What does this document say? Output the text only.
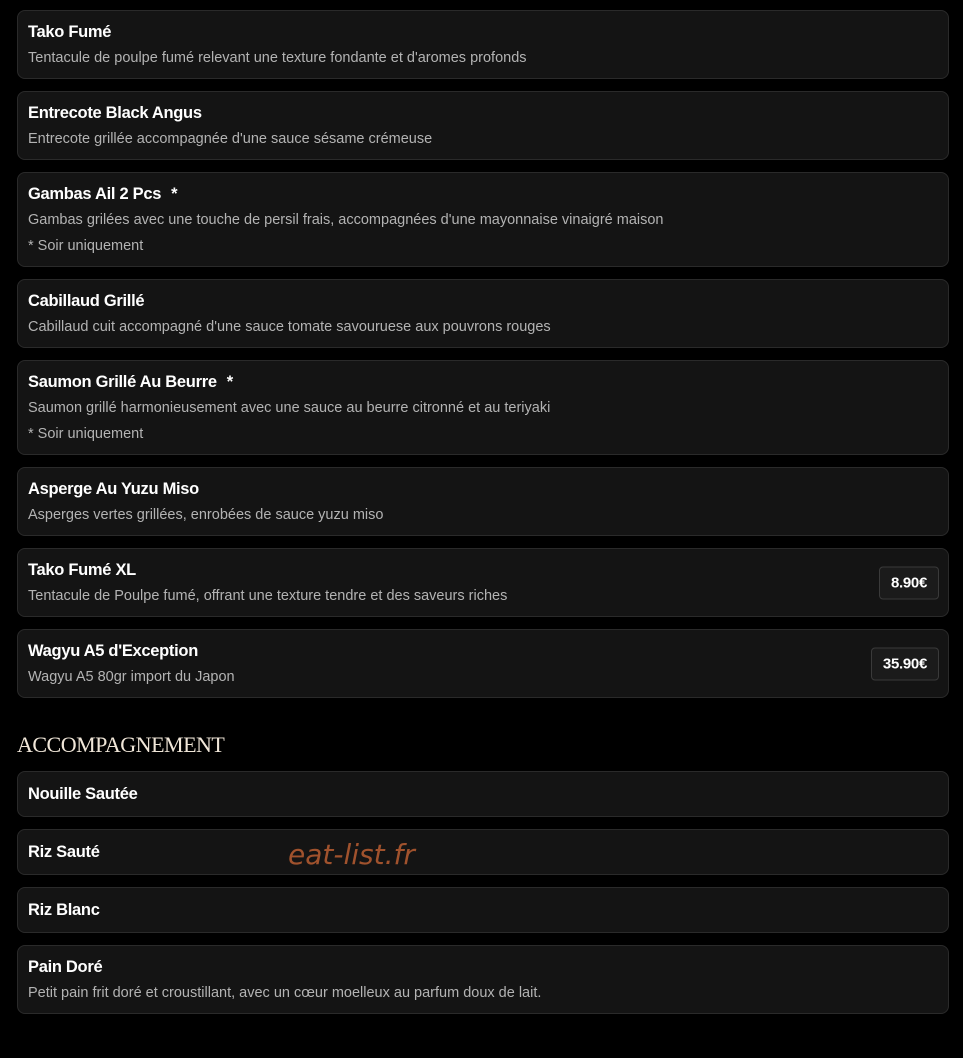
Tako Fumé
Tentacule de poulpe fumé relevant une texture fondante et d'aromes profonds
Entrecote Black Angus
Entrecote grillée accompagnée d'une sauce sésame crémeuse
Gambas Ail 2 Pcs *
Gambas grilées avec une touche de persil frais, accompagnées d'une mayonnaise vinaigré maison
* Soir uniquement
Cabillaud Grillé
Cabillaud cuit accompagné d'une sauce tomate savouruese aux pouvrons rouges
Saumon Grillé Au Beurre *
Saumon grillé harmonieusement avec une sauce au beurre citronné et au teriyaki
* Soir uniquement
Asperge Au Yuzu Miso
Asperges vertes grillées, enrobées de sauce yuzu miso
Tako Fumé XL
Tentacule de Poulpe fumé, offrant une texture tendre et des saveurs riches
8.90€
Wagyu A5 d'Exception
Wagyu A5 80gr import du Japon
35.90€
ACCOMPAGNEMENT
Nouille Sautée
Riz Sauté
Riz Blanc
Pain Doré
Petit pain frit doré et croustillant, avec un cœur moelleux au parfum doux de lait.
eat-list.fr
